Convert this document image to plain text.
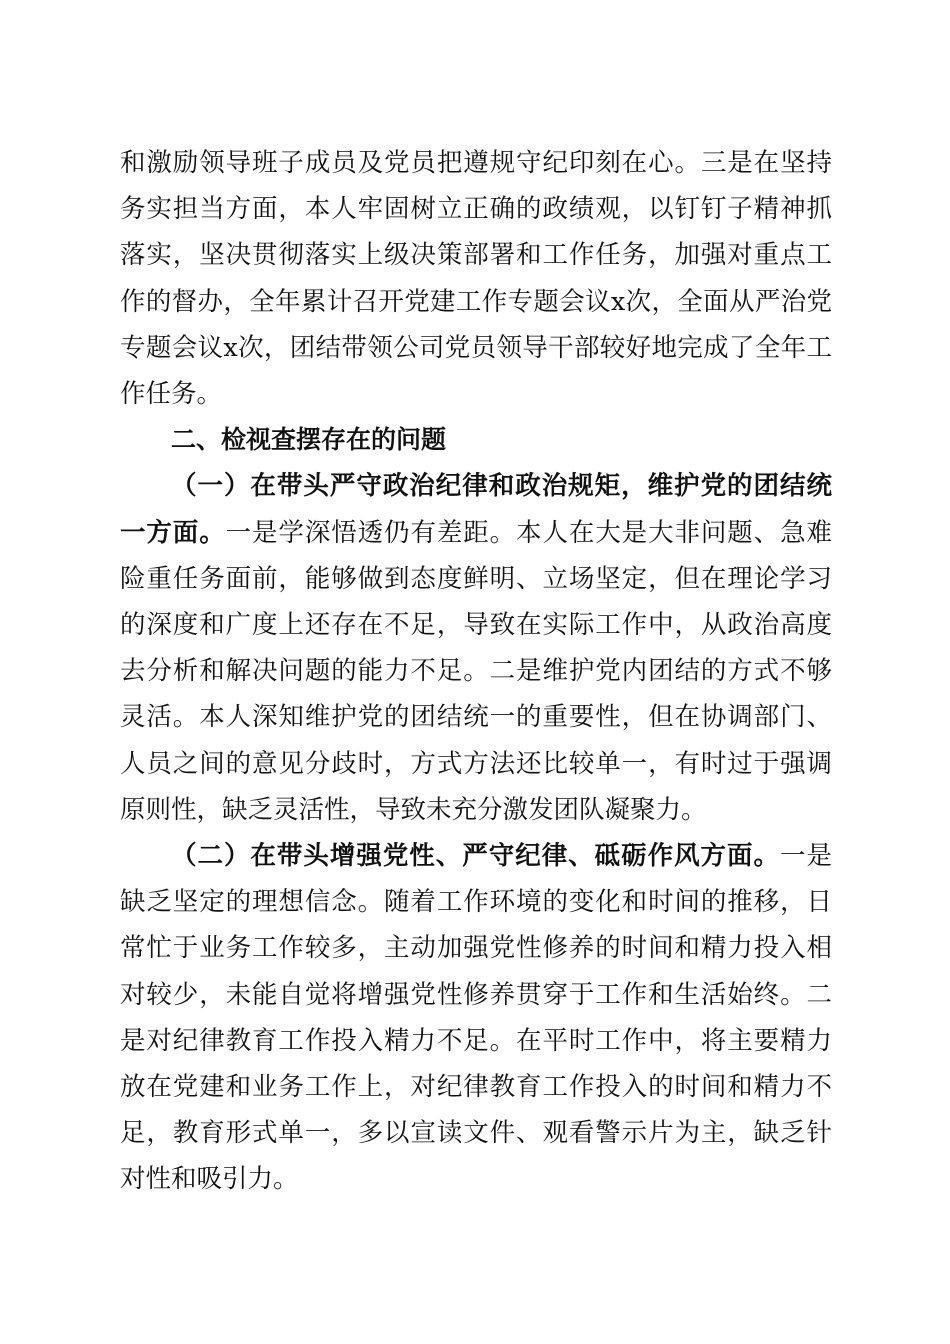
和激励领导班子成员及党员把遵规守纪印刻在心。三是在坚持务实担当方面，本人牢固树立正确的政绩观，以钉钉子精神抓落实，坚决贯彻落实上级决策部署和工作任务，加强对重点工作的督办，全年累计召开党建工作专题会议x次，全面从严治党专题会议x次，团结带领公司党员领导干部较好地完成了全年工作任务。

二、检视查摆存在的问题

（一）在带头严守政治纪律和政治规矩，维护党的团结统一方面。一是学深悟透仍有差距。本人在大是大非问题、急难险重任务面前，能够做到态度鲜明、立场坚定，但在理论学习的深度和广度上还存在不足，导致在实际工作中，从政治高度去分析和解决问题的能力不足。二是维护党内团结的方式不够灵活。本人深知维护党的团结统一的重要性，但在协调部门、人员之间的意见分歧时，方式方法还比较单一，有时过于强调原则性，缺乏灵活性，导致未充分激发团队凝聚力。

（二）在带头增强党性、严守纪律、砥砺作风方面。一是缺乏坚定的理想信念。随着工作环境的变化和时间的推移，日常忙于业务工作较多，主动加强党性修养的时间和精力投入相对较少，未能自觉将增强党性修养贯穿于工作和生活始终。二是对纪律教育工作投入精力不足。在平时工作中，将主要精力放在党建和业务工作上，对纪律教育工作投入的时间和精力不足，教育形式单一，多以宣读文件、观看警示片为主，缺乏针对性和吸引力。
